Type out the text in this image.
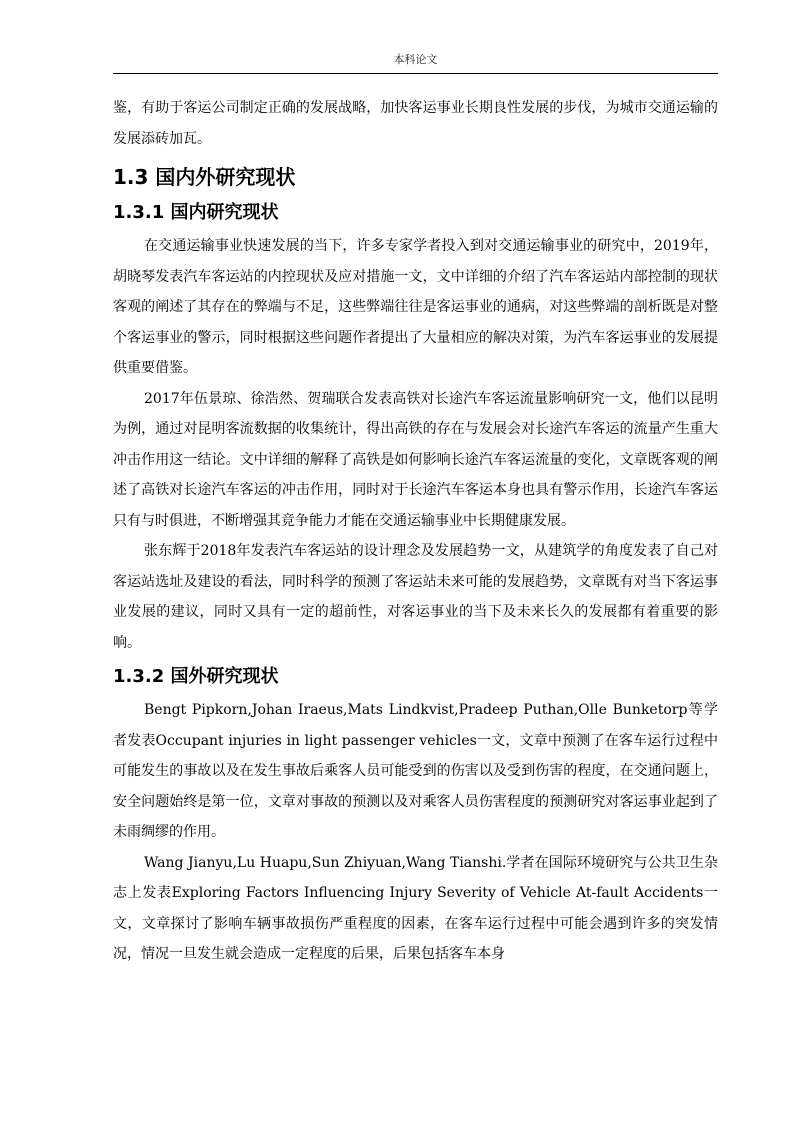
本科论文

鉴，有助于客运公司制定正确的发展战略，加快客运事业长期良性发展的步伐，为城市交通运输的发展添砖加瓦。

1.3 国内外研究现状
1.3.1 国内研究现状

在交通运输事业快速发展的当下，许多专家学者投入到对交通运输事业的研究中，2019年，胡晓琴发表汽车客运站的内控现状及应对措施一文，文中详细的介绍了汽车客运站内部控制的现状客观的阐述了其存在的弊端与不足，这些弊端往往是客运事业的通病，对这些弊端的剖析既是对整个客运事业的警示，同时根据这些问题作者提出了大量相应的解决对策，为汽车客运事业的发展提供重要借鉴。

2017年伍景琼、徐浩然、贺瑞联合发表高铁对长途汽车客运流量影响研究一文，他们以昆明为例，通过对昆明客流数据的收集统计，得出高铁的存在与发展会对长途汽车客运的流量产生重大冲击作用这一结论。文中详细的解释了高铁是如何影响长途汽车客运流量的变化，文章既客观的阐述了高铁对长途汽车客运的冲击作用，同时对于长途汽车客运本身也具有警示作用，长途汽车客运只有与时俱进，不断增强其竞争能力才能在交通运输事业中长期健康发展。

张东辉于2018年发表汽车客运站的设计理念及发展趋势一文，从建筑学的角度发表了自己对客运站选址及建设的看法，同时科学的预测了客运站未来可能的发展趋势，文章既有对当下客运事业发展的建议，同时又具有一定的超前性，对客运事业的当下及未来长久的发展都有着重要的影响。

1.3.2 国外研究现状

Bengt Pipkorn,Johan Iraeus,Mats Lindkvist,Pradeep Puthan,Olle Bunketorp等学者发表Occupant injuries in light passenger vehicles一文，文章中预测了在客车运行过程中可能发生的事故以及在发生事故后乘客人员可能受到的伤害以及受到伤害的程度，在交通问题上，安全问题始终是第一位，文章对事故的预测以及对乘客人员伤害程度的预测研究对客运事业起到了未雨绸缪的作用。

Wang Jianyu,Lu Huapu,Sun Zhiyuan,Wang Tianshi.学者在国际环境研究与公共卫生杂志上发表Exploring Factors Influencing Injury Severity of Vehicle At-fault Accidents一文，文章探讨了影响车辆事故损伤严重程度的因素，在客车运行过程中可能会遇到许多的突发情况，情况一旦发生就会造成一定程度的后果，后果包括客车本身
